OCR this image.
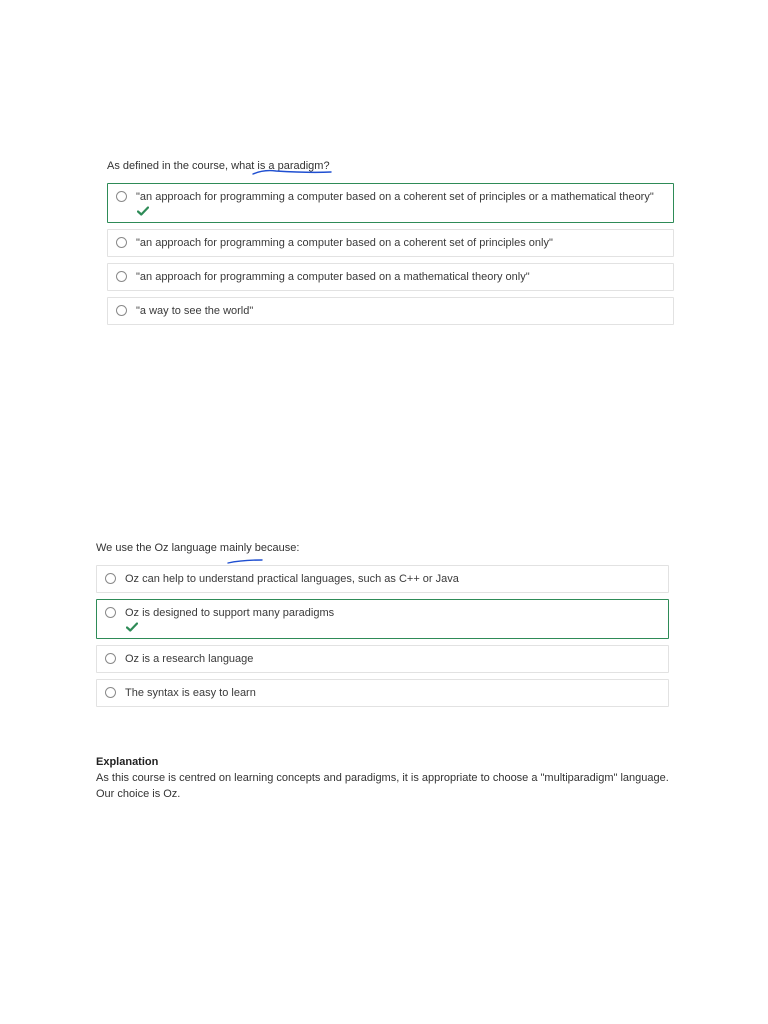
As defined in the course, what is a paradigm?
"an approach for programming a computer based on a coherent set of principles or a mathematical theory"
"an approach for programming a computer based on a coherent set of principles only"
"an approach for programming a computer based on a mathematical theory only"
"a way to see the world"
We use the Oz language mainly because:
Oz can help to understand practical languages, such as C++ or Java
Oz is designed to support many paradigms
Oz is a research language
The syntax is easy to learn
Explanation
As this course is centred on learning concepts and paradigms, it is appropriate to choose a "multiparadigm" language. Our choice is Oz.
